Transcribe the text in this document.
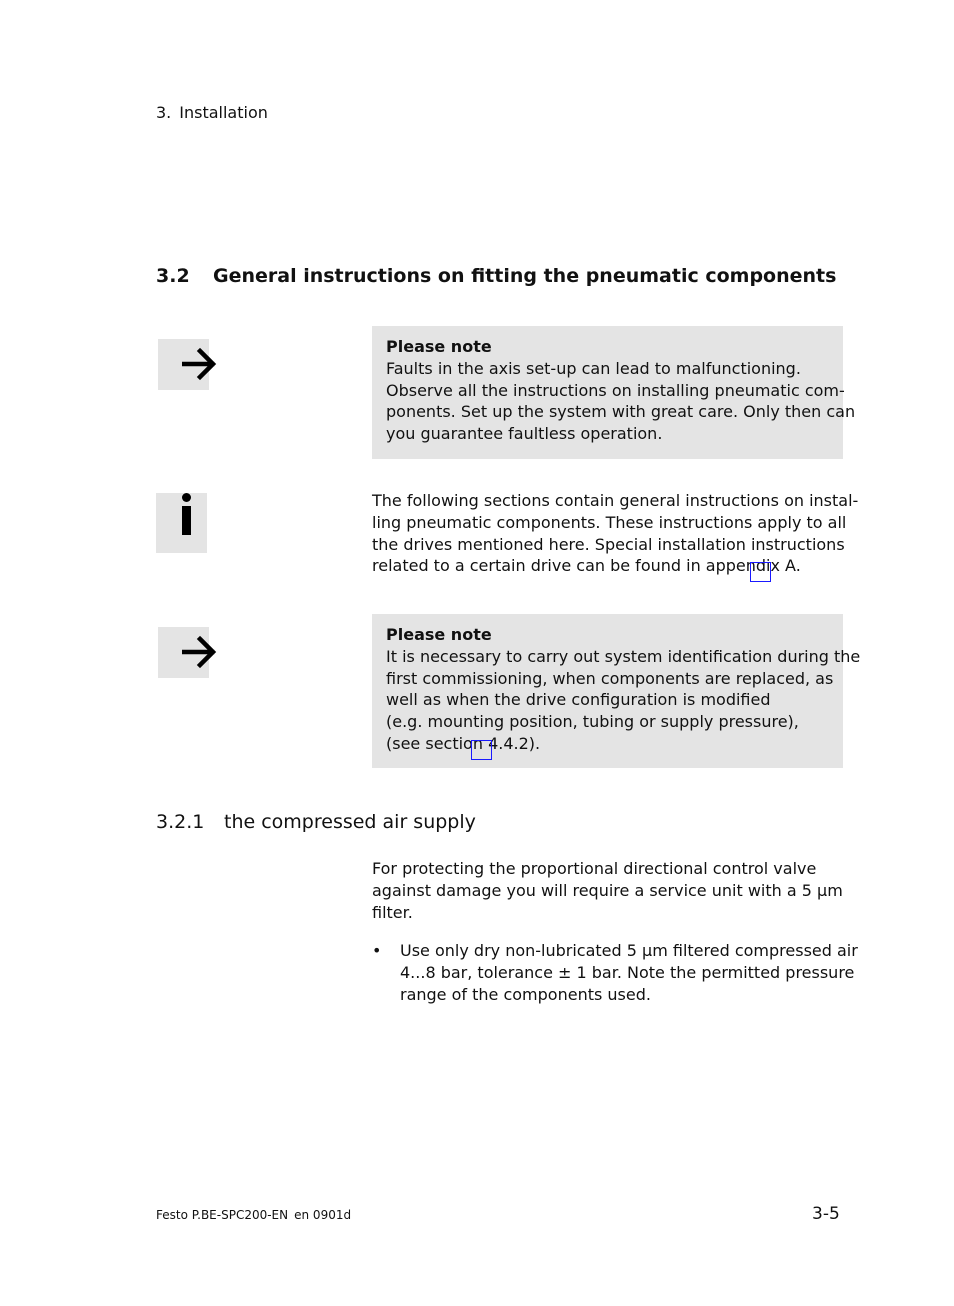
3. Installation
3.2 General instructions on fitting the pneumatic components
Please note
Faults in the axis set-up can lead to malfunctioning.
Observe all the instructions on installing pneumatic com-
ponents. Set up the system with great care. Only then can
you guarantee faultless operation.
The following sections contain general instructions on instal-
ling pneumatic components. These instructions apply to all
the drives mentioned here. Special installation instructions
related to a certain drive can be found in appendix A.
Please note
It is necessary to carry out system identification during the
first commissioning, when components are replaced, as
well as when the drive configuration is modified
(e.g. mounting position, tubing or supply pressure),
(see section 4.4.2).
3.2.1 the compressed air supply
For protecting the proportional directional control valve
against damage you will require a service unit with a 5 µm
filter.
• Use only dry non-lubricated 5 µm filtered compressed air
4...8 bar, tolerance ± 1 bar. Note the permitted pressure
range of the components used.
Festo P.BE-SPC200-EN en 0901d	3-5
